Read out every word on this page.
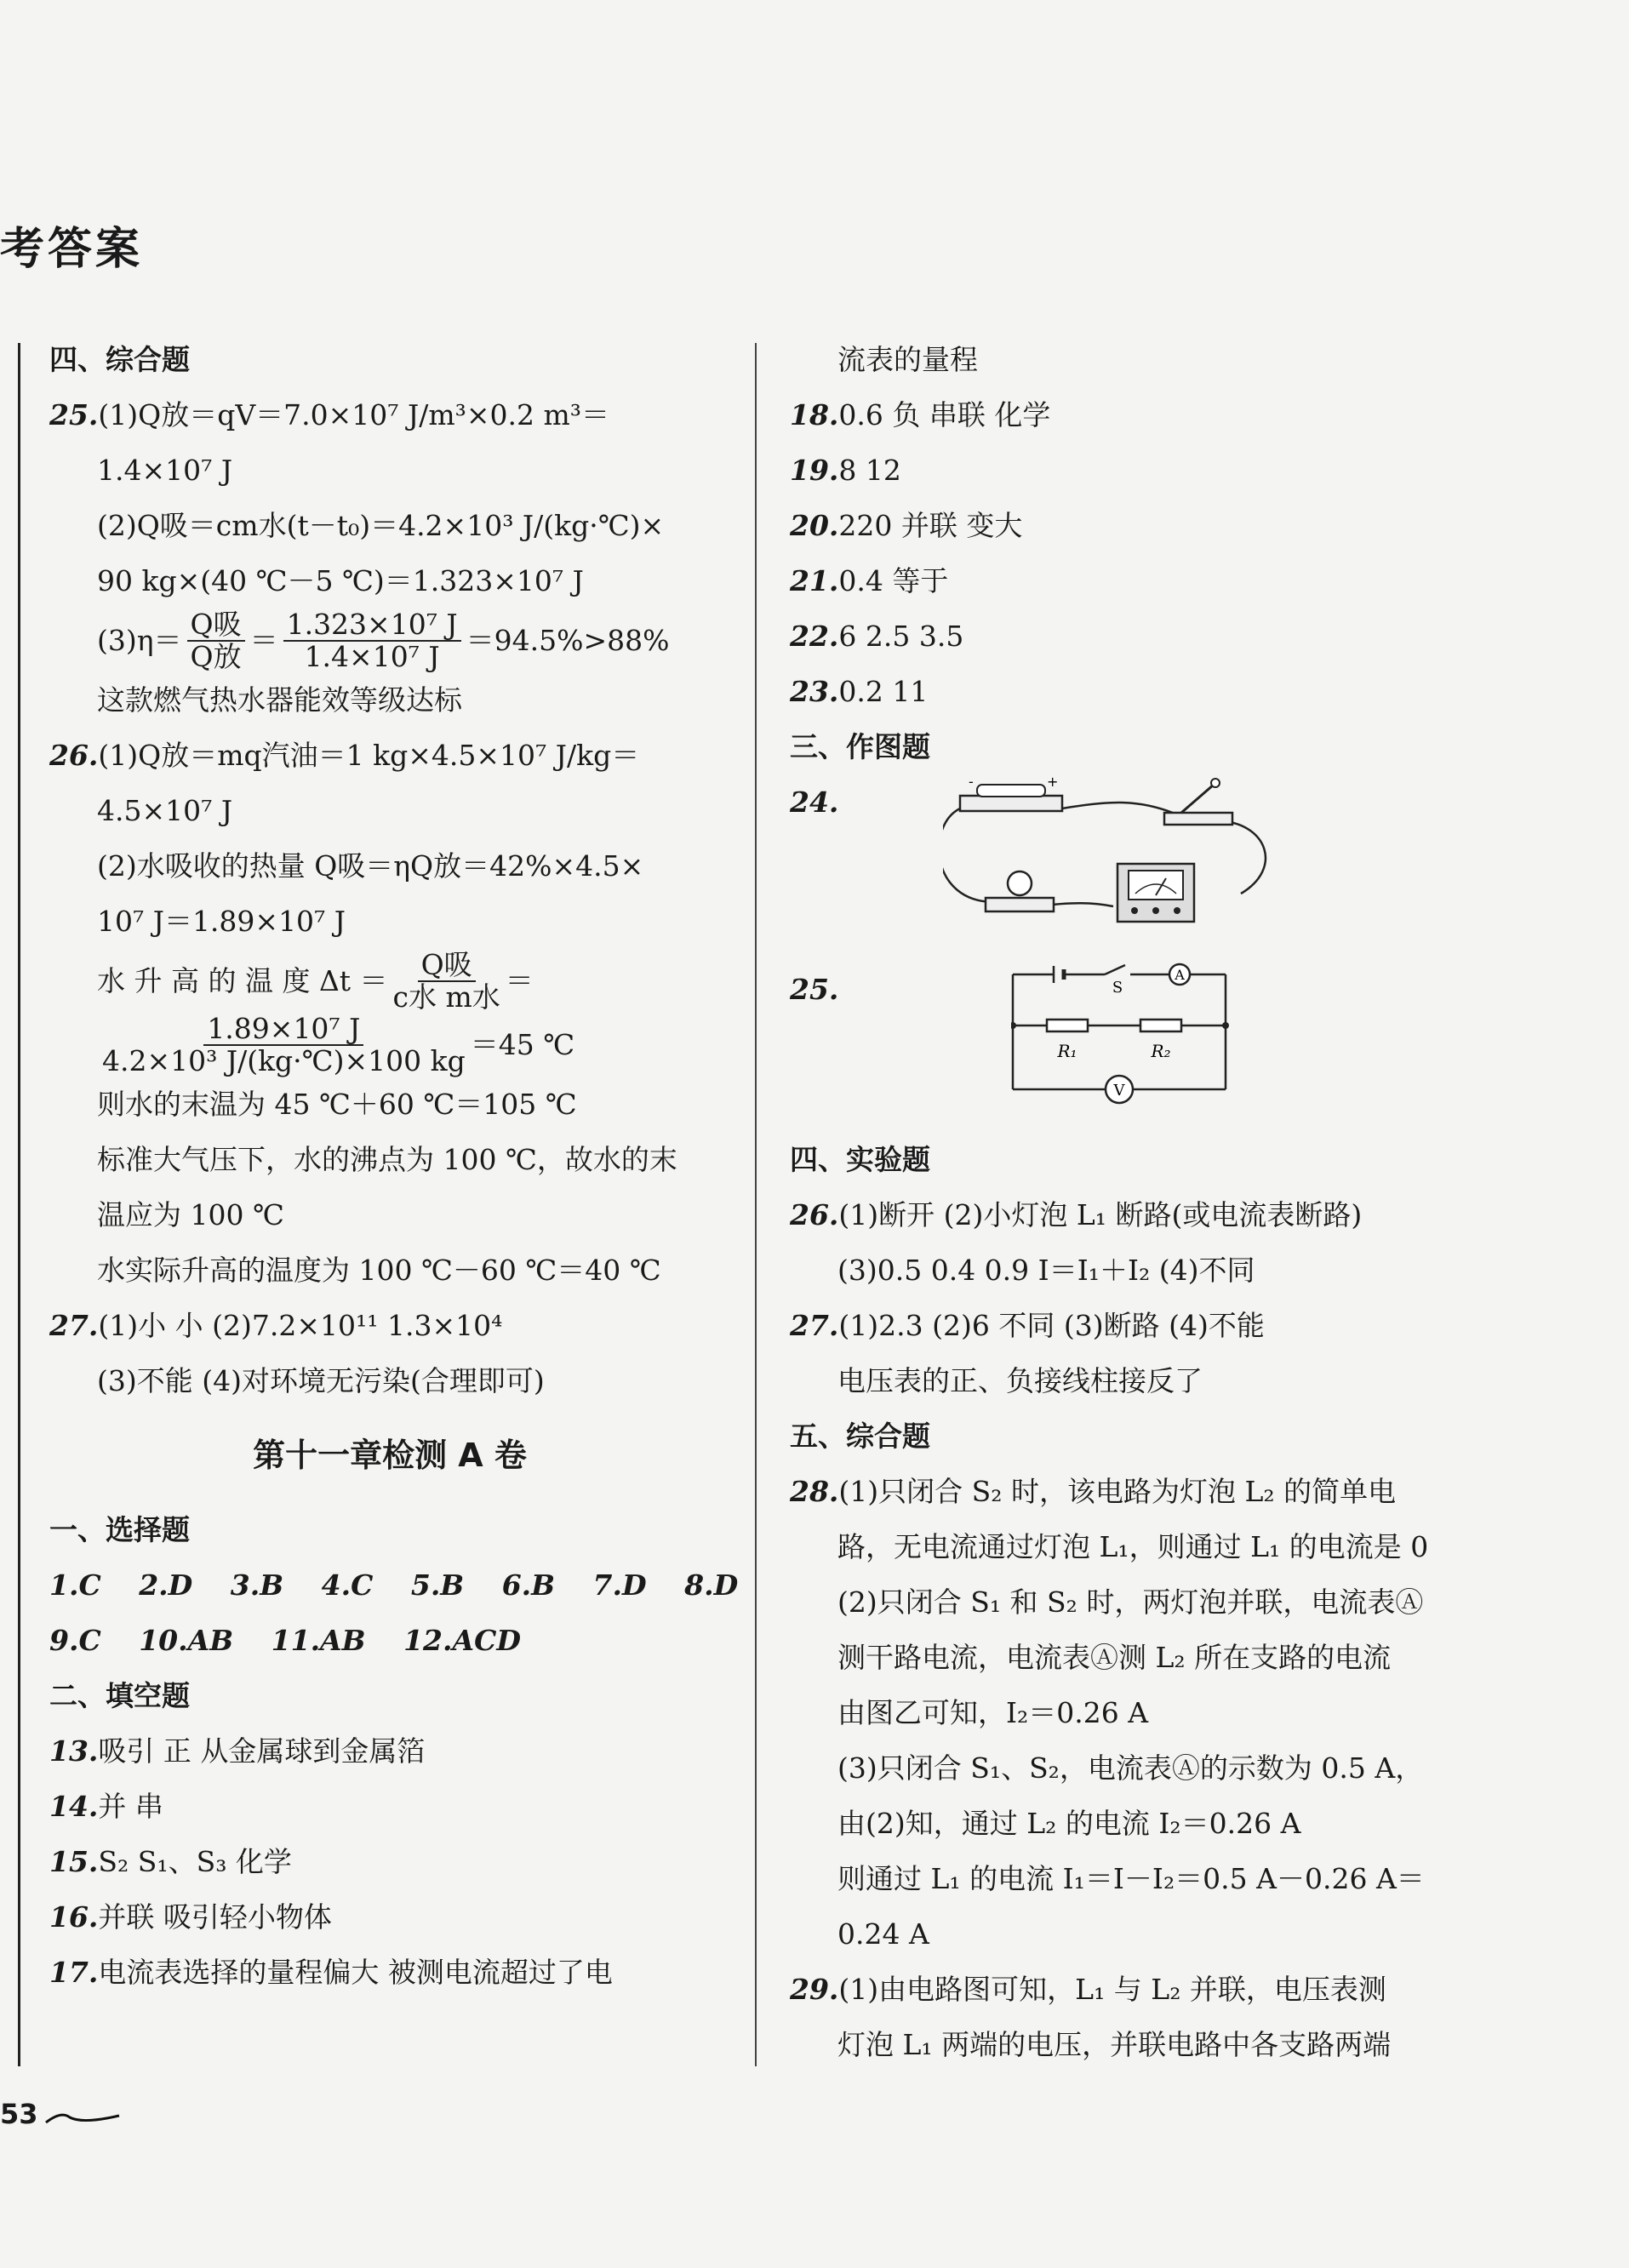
考答案
四、综合题
25.(1)Q放＝qV＝7.0×10⁷ J/m³×0.2 m³＝
1.4×10⁷ J
(2)Q吸＝cm水(t－t₀)＝4.2×10³ J/(kg·℃)×
90 kg×(40 ℃－5 ℃)＝1.323×10⁷ J
$(3)\eta= \frac{\text{Q吸}}{\text{Q放}} = \frac{\text{1.323×10⁷ J}}{\text{1.4×10⁷ J}} =94.5\%>88\%$
这款燃气热水器能效等级达标
26.(1)Q放＝mq汽油＝1 kg×4.5×10⁷ J/kg＝
4.5×10⁷ J
(2)水吸收的热量 Q吸＝ηQ放＝42%×4.5×
10⁷ J＝1.89×10⁷ J
水 升 高 的 温 度 $\Delta t = \frac{\text{Q吸}}{\text{c水 m水}}$ ＝
$\frac{\text{1.89×10⁷ J}}{\text{4.2×10³ J/(kg·℃)×100 kg}} =45$ ℃
则水的末温为 45 ℃＋60 ℃＝105 ℃
标准大气压下，水的沸点为 100 ℃，故水的末
温应为 100 ℃
水实际升高的温度为 100 ℃－60 ℃＝40 ℃
27.(1)小 小 (2)7.2×10¹¹ 1.3×10⁴
(3)不能 (4)对环境无污染(合理即可)
第十一章检测 A 卷
一、选择题
1.C 2.D 3.B 4.C 5.B 6.B 7.D 8.D
9.C 10.AB 11.AB 12.ACD
二、填空题
13.吸引 正 从金属球到金属箔
14.并 串
15.S₂ S₁、S₃ 化学
16.并联 吸引轻小物体
17.电流表选择的量程偏大 被测电流超过了电
流表的量程
18.0.6 负 串联 化学
19.8 12
20.220 并联 变大
21.0.4 等于
22.6 2.5 3.5
23.0.2 11
三、作图题
24.
-	+
25.	A
S
R₁	R₂
V
四、实验题
26.(1)断开 (2)小灯泡 L₁ 断路(或电流表断路)
(3)0.5 0.4 0.9 I＝I₁＋I₂ (4)不同
27.(1)2.3 (2)6 不同 (3)断路 (4)不能
电压表的正、负接线柱接反了
五、综合题
28.(1)只闭合 S₂ 时，该电路为灯泡 L₂ 的简单电
路，无电流通过灯泡 L₁，则通过 L₁ 的电流是 0
(2)只闭合 S₁ 和 S₂ 时，两灯泡并联，电流表Ⓐ
测干路电流，电流表Ⓐ测 L₂ 所在支路的电流
由图乙可知，I₂＝0.26 A
(3)只闭合 S₁、S₂，电流表Ⓐ的示数为 0.5 A，
由(2)知，通过 L₂ 的电流 I₂＝0.26 A
则通过 L₁ 的电流 I₁＝I－I₂＝0.5 A－0.26 A＝
0.24 A
29.(1)由电路图可知，L₁ 与 L₂ 并联，电压表测
灯泡 L₁ 两端的电压，并联电路中各支路两端
53
